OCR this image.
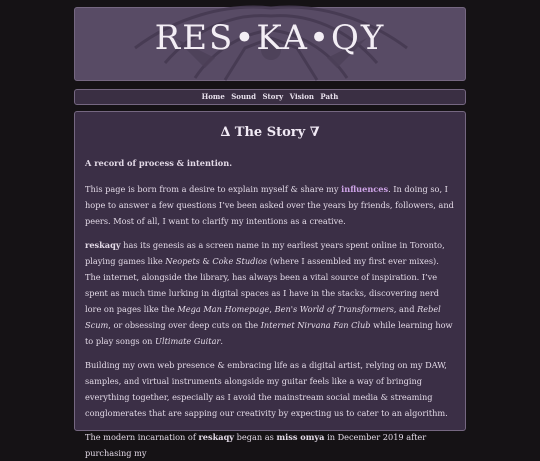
RES•KA•QY
Home Sound Story Vision Path
∆ The Story ∇

A record of process & intention.

This page is born from a desire to explain myself & share my influences. In doing so, I hope to answer a few questions I’ve been asked over the years by friends, followers, and peers. Most of all, I want to clarify my intentions as a creative.

reskaqy has its genesis as a screen name in my earliest years spent online in Toronto, playing games like Neopets & Coke Studios (where I assembled my first ever mixes). The internet, alongside the library, has always been a vital source of inspiration. I’ve spent as much time lurking in digital spaces as I have in the stacks, discovering nerd lore on pages like the Mega Man Homepage, Ben's World of Transformers, and Rebel Scum, or obsessing over deep cuts on the Internet Nirvana Fan Club while learning how to play songs on Ultimate Guitar.

Building my own web presence & embracing life as a digital artist, relying on my DAW, samples, and virtual instruments alongside my guitar feels like a way of bringing everything together, especially as I avoid the mainstream social media & streaming conglomerates that are sapping our creativity by expecting us to cater to an algorithm.

The modern incarnation of reskaqy began as miss omya in December 2019 after purchasing my
